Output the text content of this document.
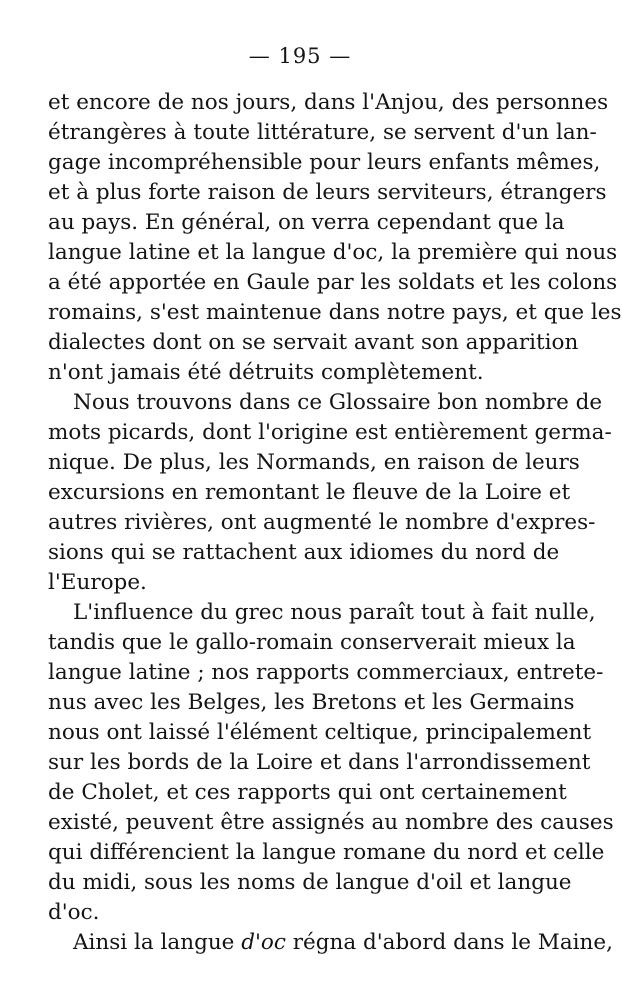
— 195 —
et encore de nos jours, dans l'Anjou, des personnes
étrangères à toute littérature, se servent d'un lan-
gage incompréhensible pour leurs enfants mêmes,
et à plus forte raison de leurs serviteurs, étrangers
au pays. En général, on verra cependant que la
langue latine et la langue d'oc, la première qui nous
a été apportée en Gaule par les soldats et les colons
romains, s'est maintenue dans notre pays, et que les
dialectes dont on se servait avant son apparition
n'ont jamais été détruits complètement.
Nous trouvons dans ce Glossaire bon nombre de
mots picards, dont l'origine est entièrement germa-
nique. De plus, les Normands, en raison de leurs
excursions en remontant le fleuve de la Loire et
autres rivières, ont augmenté le nombre d'expres-
sions qui se rattachent aux idiomes du nord de
l'Europe.
L'influence du grec nous paraît tout à fait nulle,
tandis que le gallo-romain conserverait mieux la
langue latine ; nos rapports commerciaux, entrete-
nus avec les Belges, les Bretons et les Germains
nous ont laissé l'élément celtique, principalement
sur les bords de la Loire et dans l'arrondissement
de Cholet, et ces rapports qui ont certainement
existé, peuvent être assignés au nombre des causes
qui différencient la langue romane du nord et celle
du midi, sous les noms de langue d'oil et langue
d'oc.
Ainsi la langue d'oc régna d'abord dans le Maine,
